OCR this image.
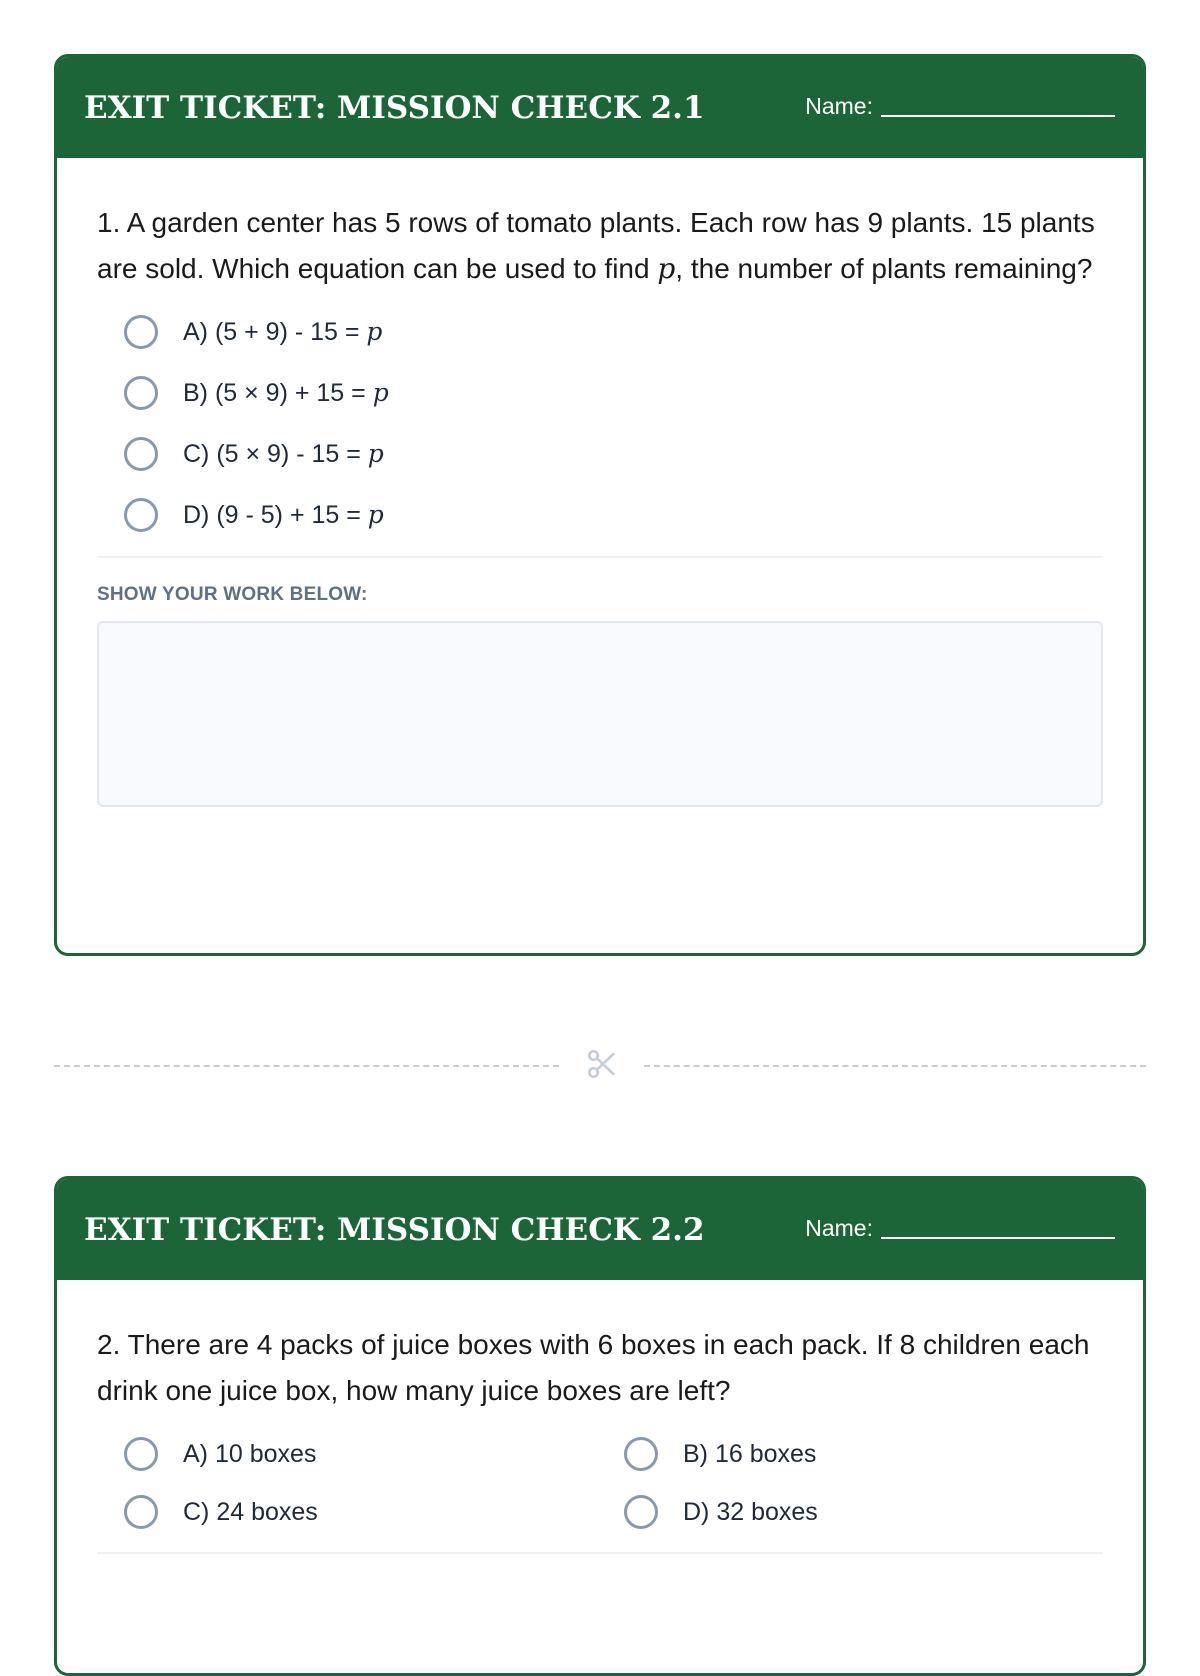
EXIT TICKET: MISSION CHECK 2.1	Name:

1. A garden center has 5 rows of tomato plants. Each row has 9 plants. 15 plants are sold. Which equation can be used to find p, the number of plants remaining?

A) (5 + 9) - 15 = p
B) (5 × 9) + 15 = p
C) (5 × 9) - 15 = p
D) (9 - 5) + 15 = p
SHOW YOUR WORK BELOW:
EXIT TICKET: MISSION CHECK 2.2	Name:

2. There are 4 packs of juice boxes with 6 boxes in each pack. If 8 children each drink one juice box, how many juice boxes are left?

A) 10 boxes	B) 16 boxes
C) 24 boxes	D) 32 boxes
